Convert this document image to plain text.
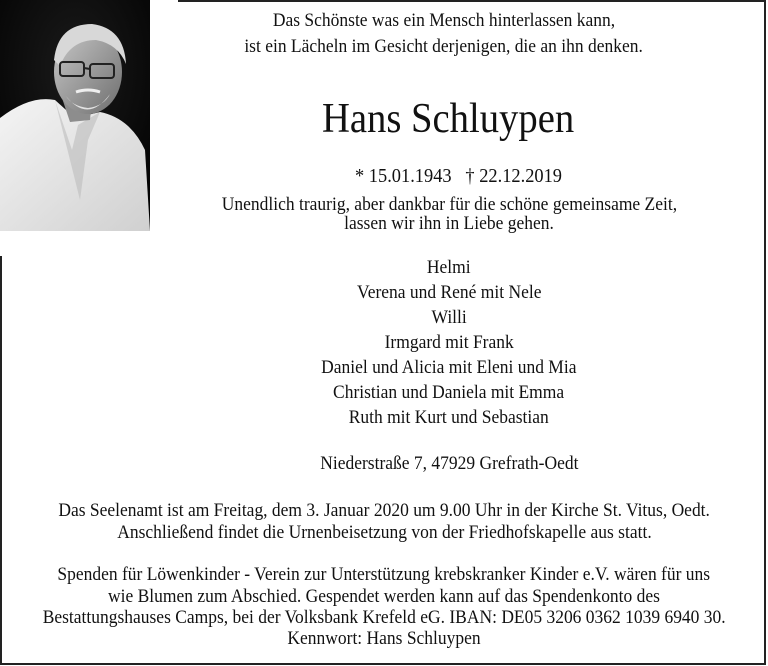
Das Schönste was ein Mensch hinterlassen kann,
ist ein Lächeln im Gesicht derjenigen, die an ihn denken.
Hans Schluypen

* 15.01.1943   † 22.12.2019

Unendlich traurig, aber dankbar für die schöne gemeinsame Zeit,
lassen wir ihn in Liebe gehen.
Helmi
Verena und René mit Nele
Willi
Irmgard mit Frank
Daniel und Alicia mit Eleni und Mia
Christian und Daniela mit Emma
Ruth mit Kurt und Sebastian
Niederstraße 7, 47929 Grefrath-Oedt
Das Seelenamt ist am Freitag, dem 3. Januar 2020 um 9.00 Uhr in der Kirche St. Vitus, Oedt.
Anschließend findet die Urnenbeisetzung von der Friedhofskapelle aus statt.
Spenden für Löwenkinder - Verein zur Unterstützung krebskranker Kinder e.V. wären für uns
wie Blumen zum Abschied. Gespendet werden kann auf das Spendenkonto des
Bestattungshauses Camps, bei der Volksbank Krefeld eG. IBAN: DE05 3206 0362 1039 6940 30.
Kennwort: Hans Schluypen
